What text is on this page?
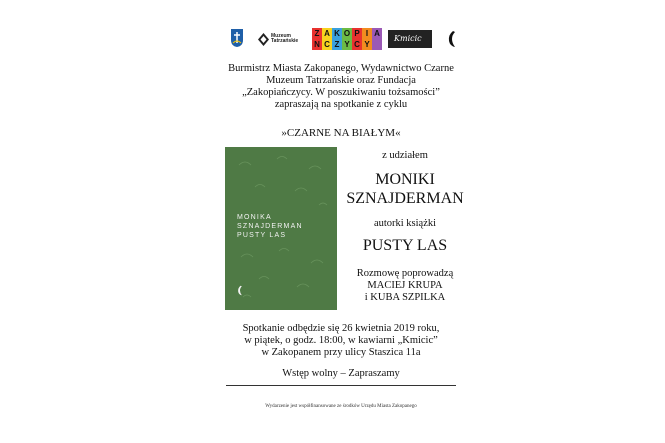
Muzeum Tatrzańskie
Z A K O P I A
N C Z Y C Y
Kmicic
Burmistrz Miasta Zakopanego, Wydawnictwo Czarne
Muzeum Tatrzańskie oraz Fundacja
„Zakopiańczycy. W poszukiwaniu tożsamości”
zapraszają na spotkanie z cyklu
»CZARNE NA BIAŁYM«
MONIKA
SZNAJDERMAN
PUSTY LAS
z udziałem
MONIKI
SZNAJDERMAN
autorki książki
PUSTY LAS
Rozmowę poprowadzą
MACIEJ KRUPA
i KUBA SZPILKA
Spotkanie odbędzie się 26 kwietnia 2019 roku,
w piątek, o godz. 18:00, w kawiarni „Kmicic”
w Zakopanem przy ulicy Staszica 11a
Wstęp wolny – Zapraszamy
Wydarzenie jest współfinansowane ze środków Urzędu Miasta Zakopanego
